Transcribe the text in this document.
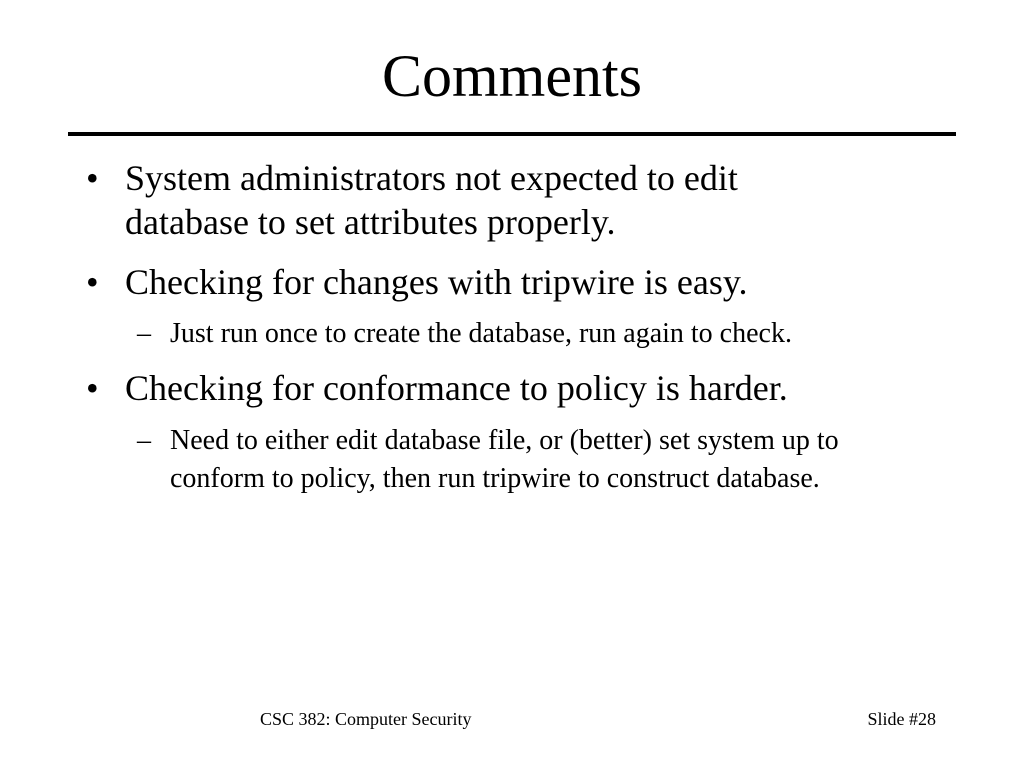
Comments
• System administrators not expected to edit database to set attributes properly.
• Checking for changes with tripwire is easy.
– Just run once to create the database, run again to check.
• Checking for conformance to policy is harder.
– Need to either edit database file, or (better) set system up to conform to policy, then run tripwire to construct database.
CSC 382: Computer Security	Slide #28
